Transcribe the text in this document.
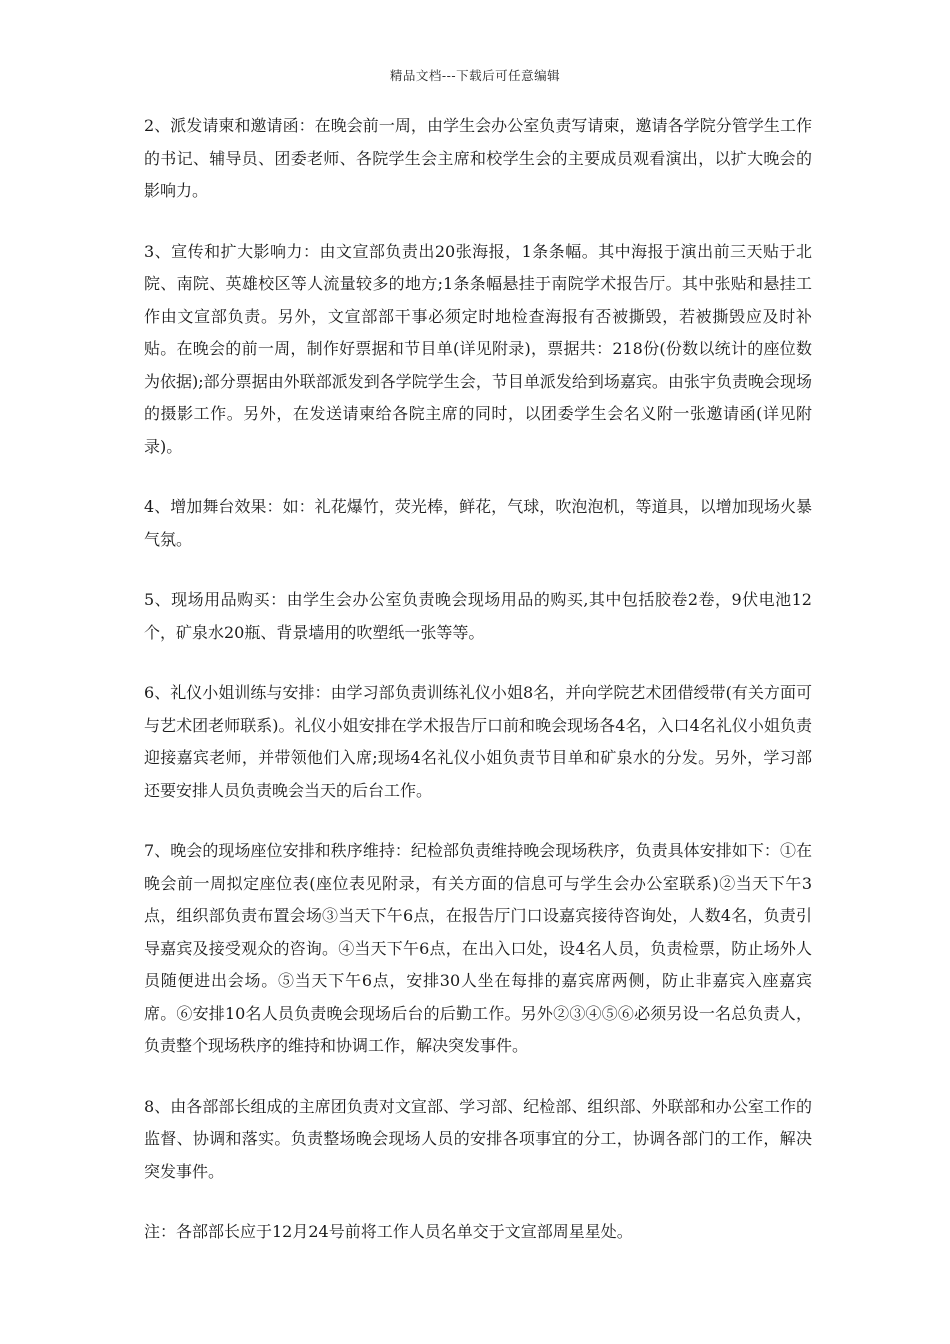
精品文档---下载后可任意编辑

2、派发请柬和邀请函：在晚会前一周，由学生会办公室负责写请柬，邀请各学院分管学生工作的书记、辅导员、团委老师、各院学生会主席和校学生会的主要成员观看演出，以扩大晚会的影响力。

3、宣传和扩大影响力：由文宣部负责出20张海报，1条条幅。其中海报于演出前三天贴于北院、南院、英雄校区等人流量较多的地方;1条条幅悬挂于南院学术报告厅。其中张贴和悬挂工作由文宣部负责。另外，文宣部部干事必须定时地检查海报有否被撕毁，若被撕毁应及时补贴。在晚会的前一周，制作好票据和节目单(详见附录)，票据共：218份(份数以统计的座位数为依据);部分票据由外联部派发到各学院学生会，节目单派发给到场嘉宾。由张宇负责晚会现场的摄影工作。另外，在发送请柬给各院主席的同时，以团委学生会名义附一张邀请函(详见附录)。

4、增加舞台效果：如：礼花爆竹，荧光棒，鲜花，气球，吹泡泡机，等道具，以增加现场火暴气氛。

5、现场用品购买：由学生会办公室负责晚会现场用品的购买,其中包括胶卷2卷，9伏电池12个，矿泉水20瓶、背景墙用的吹塑纸一张等等。

6、礼仪小姐训练与安排：由学习部负责训练礼仪小姐8名，并向学院艺术团借绶带(有关方面可与艺术团老师联系)。礼仪小姐安排在学术报告厅口前和晚会现场各4名，入口4名礼仪小姐负责迎接嘉宾老师，并带领他们入席;现场4名礼仪小姐负责节目单和矿泉水的分发。另外，学习部还要安排人员负责晚会当天的后台工作。

7、晚会的现场座位安排和秩序维持：纪检部负责维持晚会现场秩序，负责具体安排如下：①在晚会前一周拟定座位表(座位表见附录，有关方面的信息可与学生会办公室联系)②当天下午3点，组织部负责布置会场③当天下午6点，在报告厅门口设嘉宾接待咨询处，人数4名，负责引导嘉宾及接受观众的咨询。④当天下午6点，在出入口处，设4名人员，负责检票，防止场外人员随便进出会场。⑤当天下午6点，安排30人坐在每排的嘉宾席两侧，防止非嘉宾入座嘉宾席。⑥安排10名人员负责晚会现场后台的后勤工作。另外②③④⑤⑥必须另设一名总负责人，负责整个现场秩序的维持和协调工作，解决突发事件。

8、由各部部长组成的主席团负责对文宣部、学习部、纪检部、组织部、外联部和办公室工作的监督、协调和落实。负责整场晚会现场人员的安排各项事宜的分工，协调各部门的工作，解决突发事件。

注：各部部长应于12月24号前将工作人员名单交于文宣部周星星处。
